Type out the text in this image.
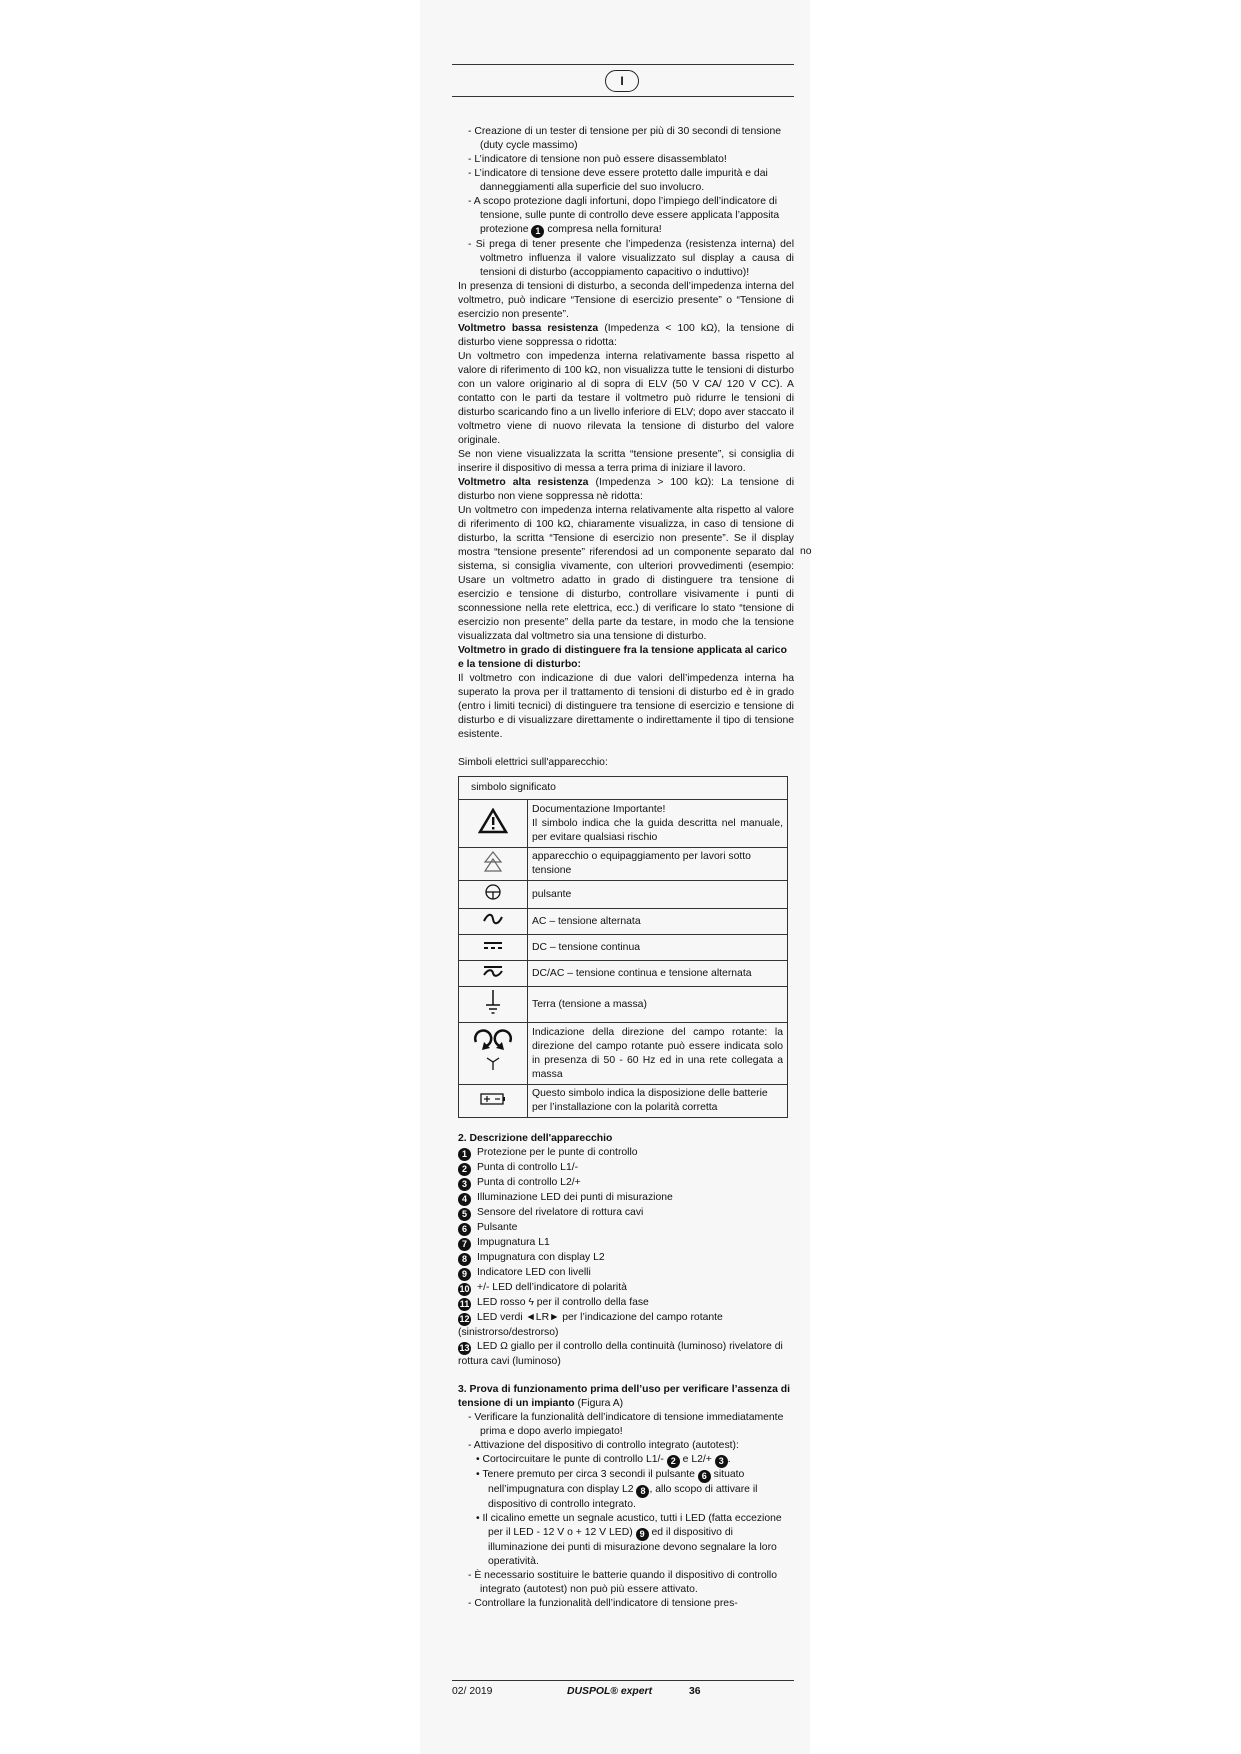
I

- Creazione di un tester di tensione per più di 30 secondi di tensione (duty cycle massimo)

- L’indicatore di tensione non può essere disassemblato!

- L’indicatore di tensione deve essere protetto dalle impurità e dai danneggiamenti alla superficie del suo involucro.

- A scopo protezione dagli infortuni, dopo l’impiego dell’indicatore di tensione, sulle punte di controllo deve essere applicata l’apposita protezione 1 compresa nella fornitura!

- Si prega di tener presente che l’impedenza (resistenza interna) del voltmetro influenza il valore visualizzato sul display a causa di tensioni di disturbo (accoppiamento capacitivo o induttivo)!

In presenza di tensioni di disturbo, a seconda dell’impedenza interna del voltmetro, può indicare “Tensione di esercizio presente” o “Tensione di esercizio non presente”.

Voltmetro bassa resistenza (Impedenza < 100 kΩ), la tensione di disturbo viene soppressa o ridotta:

Un voltmetro con impedenza interna relativamente bassa rispetto al valore di riferimento di 100 kΩ, non visualizza tutte le tensioni di disturbo con un valore originario al di sopra di ELV (50 V CA/ 120 V CC). A contatto con le parti da testare il voltmetro può ridurre le tensioni di disturbo scaricando fino a un livello inferiore di ELV; dopo aver staccato il voltmetro viene di nuovo rilevata la tensione di disturbo del valore originale.

Se non viene visualizzata la scritta “tensione presente”, si consiglia di inserire il dispositivo di messa a terra prima di iniziare il lavoro.

Voltmetro alta resistenza (Impedenza > 100 kΩ): La tensione di disturbo non viene soppressa nè ridotta:

Un voltmetro con impedenza interna relativamente alta rispetto al valore di riferimento di 100 kΩ, chiaramente visualizza, in caso di tensione di disturbo, la scritta “Tensione di esercizio non presente”. Se il display mostra “tensione presente” riferendosi ad un componente separato dal sistema, si consiglia vivamente, con ulteriori provvedimenti (esempio: Usare un voltmetro adatto in grado di distinguere tra tensione di esercizio e tensione di disturbo, controllare visivamente i punti di sconnessione nella rete elettrica, ecc.) di verificare lo stato “tensione di esercizio non presente” della parte da testare, in modo che la tensione visualizzata dal voltmetro sia una tensione di disturbo.

Voltmetro in grado di distinguere fra la tensione applicata al carico e la tensione di disturbo:

Il voltmetro con indicazione di due valori dell’impedenza interna ha superato la prova per il trattamento di tensioni di disturbo ed è in grado (entro i limiti tecnici) di distinguere tra tensione di esercizio e tensione di disturbo e di visualizzare direttamente o indirettamente il tipo di tensione esistente.

Simboli elettrici sull'apparecchio:

simbolo significato	
	Documentazione Importante!
Il simbolo indica che la guida descritta nel manuale, per evitare qualsiasi rischio
	apparecchio o equipaggiamento per lavori sotto tensione
	pulsante
	AC – tensione alternata
	DC – tensione continua
	DC/AC – tensione continua e tensione alternata
	Terra (tensione a massa)
	Indicazione della direzione del campo rotante: la direzione del campo rotante può essere indicata solo in presenza di 50 - 60 Hz ed in una rete collegata a massa
	Questo simbolo indica la disposizione delle batterie per l’installazione con la polarità corretta

2. Descrizione dell'apparecchio

1 Protezione per le punte di controllo

2 Punta di controllo L1/-

3 Punta di controllo L2/+

4 Illuminazione LED dei punti di misurazione

5 Sensore del rivelatore di rottura cavi

6 Pulsante

7 Impugnatura L1

8 Impugnatura con display L2

9 Indicatore LED con livelli

10 +/- LED dell’indicatore di polarità

11 LED rosso ϟ per il controllo della fase

12 LED verdi ◄LR► per l’indicazione del campo rotante (sinistrorso/destrorso)

13 LED Ω giallo per il controllo della continuità (luminoso) rivelatore di rottura cavi (luminoso)

3. Prova di funzionamento prima dell’uso per verificare l’assenza di tensione di un impianto (Figura A)

- Verificare la funzionalità dell’indicatore di tensione immediatamente prima e dopo averlo impiegato!

- Attivazione del dispositivo di controllo integrato (autotest):

• Cortocircuitare le punte di controllo L1/- 2 e L2/+ 3 .

• Tenere premuto per circa 3 secondi il pulsante 6 situato nell’impugnatura con display L2 8 , allo scopo di attivare il dispositivo di controllo integrato.

• Il cicalino emette un segnale acustico, tutti i LED (fatta eccezione per il LED - 12 V o + 12 V LED) 9 ed il dispositivo di illuminazione dei punti di misurazione devono segnalare la loro operatività.

- È necessario sostituire le batterie quando il dispositivo di controllo integrato (autotest) non può più essere attivato.

- Controllare la funzionalità dell’indicatore di tensione pres-

no
02/ 2019	DUSPOL® expert	36
